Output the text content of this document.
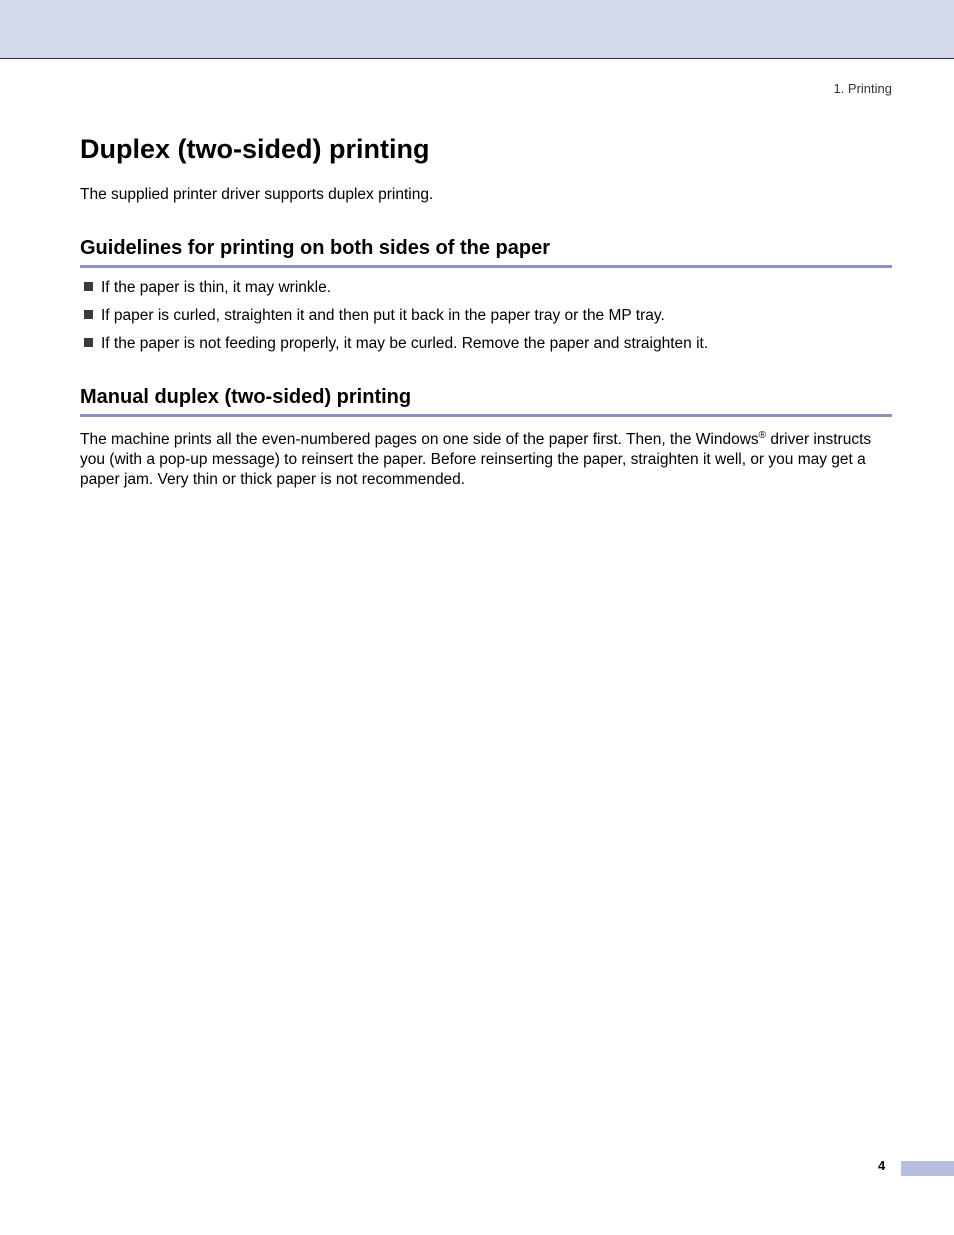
1. Printing
Duplex (two-sided) printing

The supplied printer driver supports duplex printing.

Guidelines for printing on both sides of the paper
If the paper is thin, it may wrinkle.
If paper is curled, straighten it and then put it back in the paper tray or the MP tray.
If the paper is not feeding properly, it may be curled. Remove the paper and straighten it.
Manual duplex (two-sided) printing

The machine prints all the even-numbered pages on one side of the paper first. Then, the Windows® driver instructs you (with a pop-up message) to reinsert the paper. Before reinserting the paper, straighten it well, or you may get a paper jam. Very thin or thick paper is not recommended.

4
